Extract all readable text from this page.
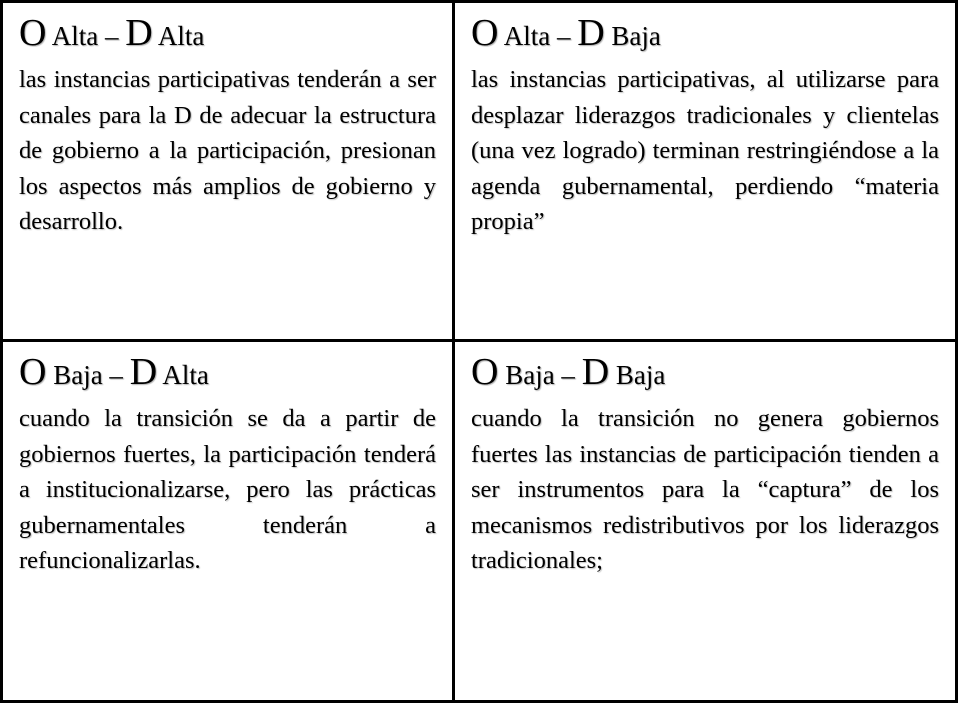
O Alta – D Alta

las instancias participativas tenderán a ser canales para la D de adecuar la estructura de gobierno a la participación, presionan los aspectos más amplios de gobierno y desarrollo.

O Alta – D Baja

las instancias participativas, al utilizarse para desplazar liderazgos tradicionales y clientelas (una vez logrado) terminan restringiéndose a la agenda gubernamental, perdiendo “materia propia”

O Baja – D Alta

cuando la transición se da a partir de gobiernos fuertes, la participación tenderá a institucionalizarse, pero las prácticas gubernamentales tenderán a refuncionalizarlas.

O Baja – D Baja

cuando la transición no genera gobiernos fuertes las instancias de participación tienden a ser instrumentos para la “captura” de los mecanismos redistributivos por los liderazgos tradicionales;
